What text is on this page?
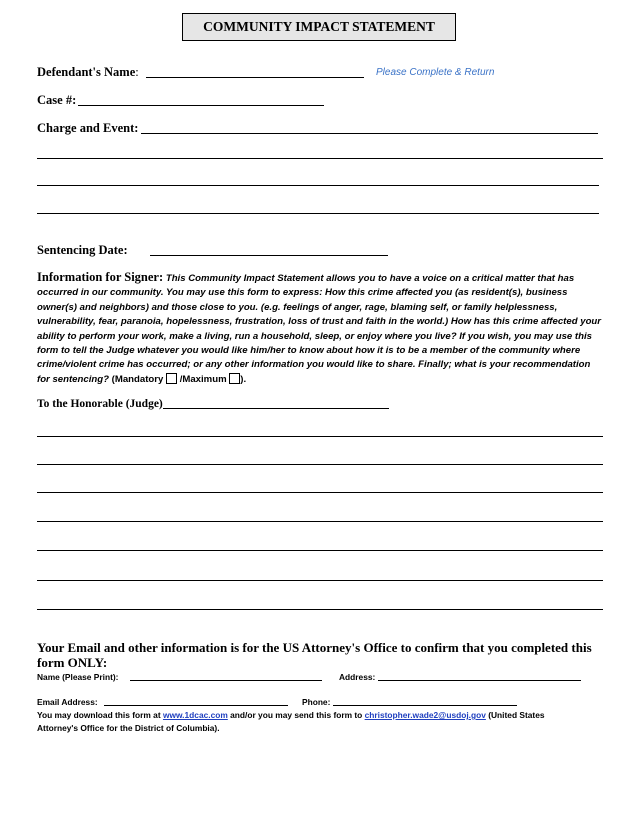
COMMUNITY IMPACT STATEMENT
Defendant's Name:	Please Complete & Return
Case #:
Charge and Event:
Sentencing Date:
Information for Signer: This Community Impact Statement allows you to have a voice on a critical matter that has occurred in our community. You may use this form to express: How this crime affected you (as resident(s), business owner(s) and neighbors) and those close to you. (e.g. feelings of anger, rage, blaming self, or family helplessness, vulnerability, fear, paranoia, hopelessness, frustration, loss of trust and faith in the world.) How has this crime affected your ability to perform your work, make a living, run a household, sleep, or enjoy where you live? If you wish, you may use this form to tell the Judge whatever you would like him/her to know about how it is to be a member of the community where crime/violent crime has occurred; or any other information you would like to share. Finally; what is your recommendation for sentencing? (Mandatory /Maximum ).
To the Honorable (Judge)
Your Email and other information is for the US Attorney's Office to confirm that you completed this form ONLY:
Name (Please Print):	Address:
Email Address:	Phone:
You may download this form at www.1dcac.com and/or you may send this form to christopher.wade2@usdoj.gov (United States
Attorney's Office for the District of Columbia).
